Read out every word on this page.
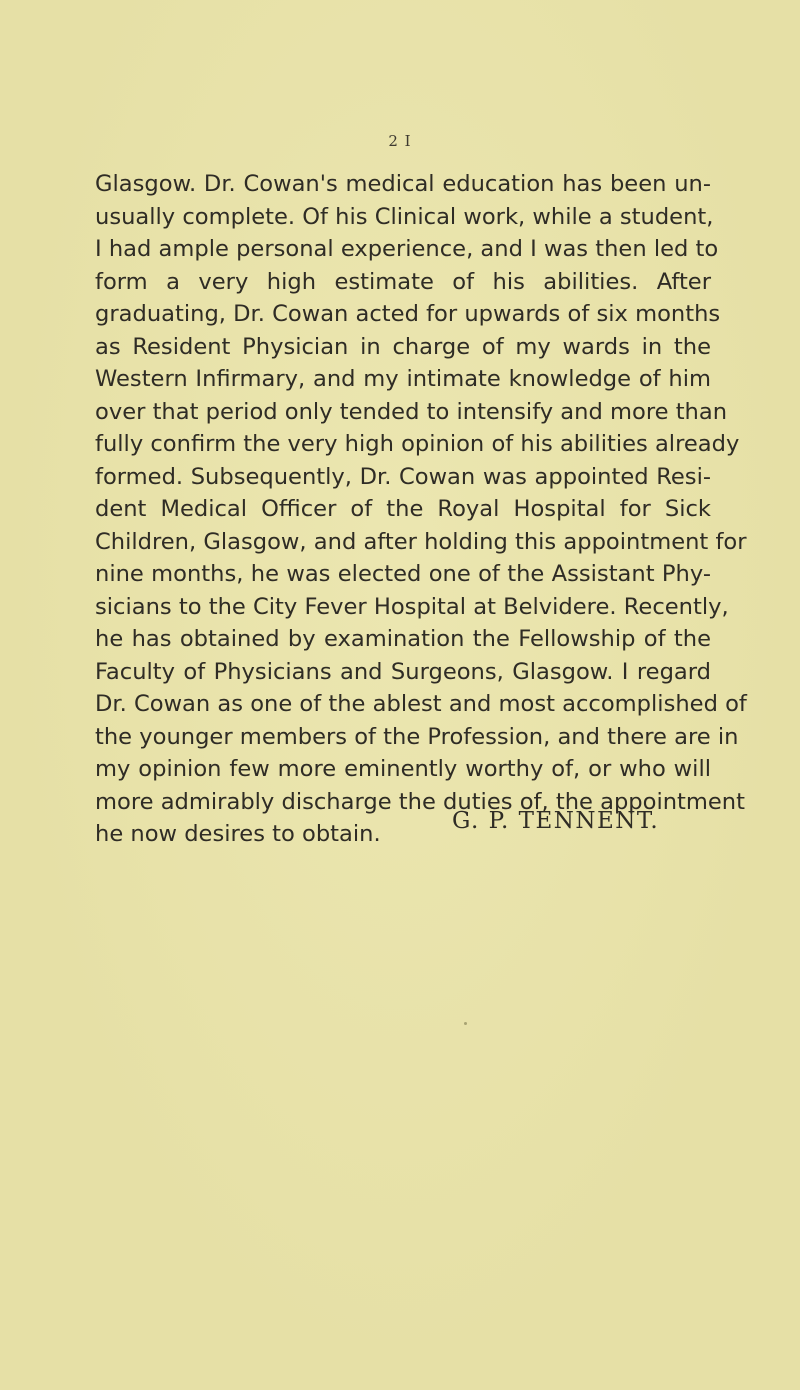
2 I

Glasgow. Dr. Cowan's medical education has been un-
usually complete. Of his Clinical work, while a student,
I had ample personal experience, and I was then led to
form a very high estimate of his abilities. After
graduating, Dr. Cowan acted for upwards of six months
as Resident Physician in charge of my wards in the
Western Infirmary, and my intimate knowledge of him
over that period only tended to intensify and more than
fully confirm the very high opinion of his abilities already
formed. Subsequently, Dr. Cowan was appointed Resi-
dent Medical Officer of the Royal Hospital for Sick
Children, Glasgow, and after holding this appointment for
nine months, he was elected one of the Assistant Phy-
sicians to the City Fever Hospital at Belvidere. Recently,
he has obtained by examination the Fellowship of the
Faculty of Physicians and Surgeons, Glasgow. I regard
Dr. Cowan as one of the ablest and most accomplished of
the younger members of the Profession, and there are in
my opinion few more eminently worthy of, or who will
more admirably discharge the duties of, the appointment
he now desires to obtain.	G. P. TENNENT.
